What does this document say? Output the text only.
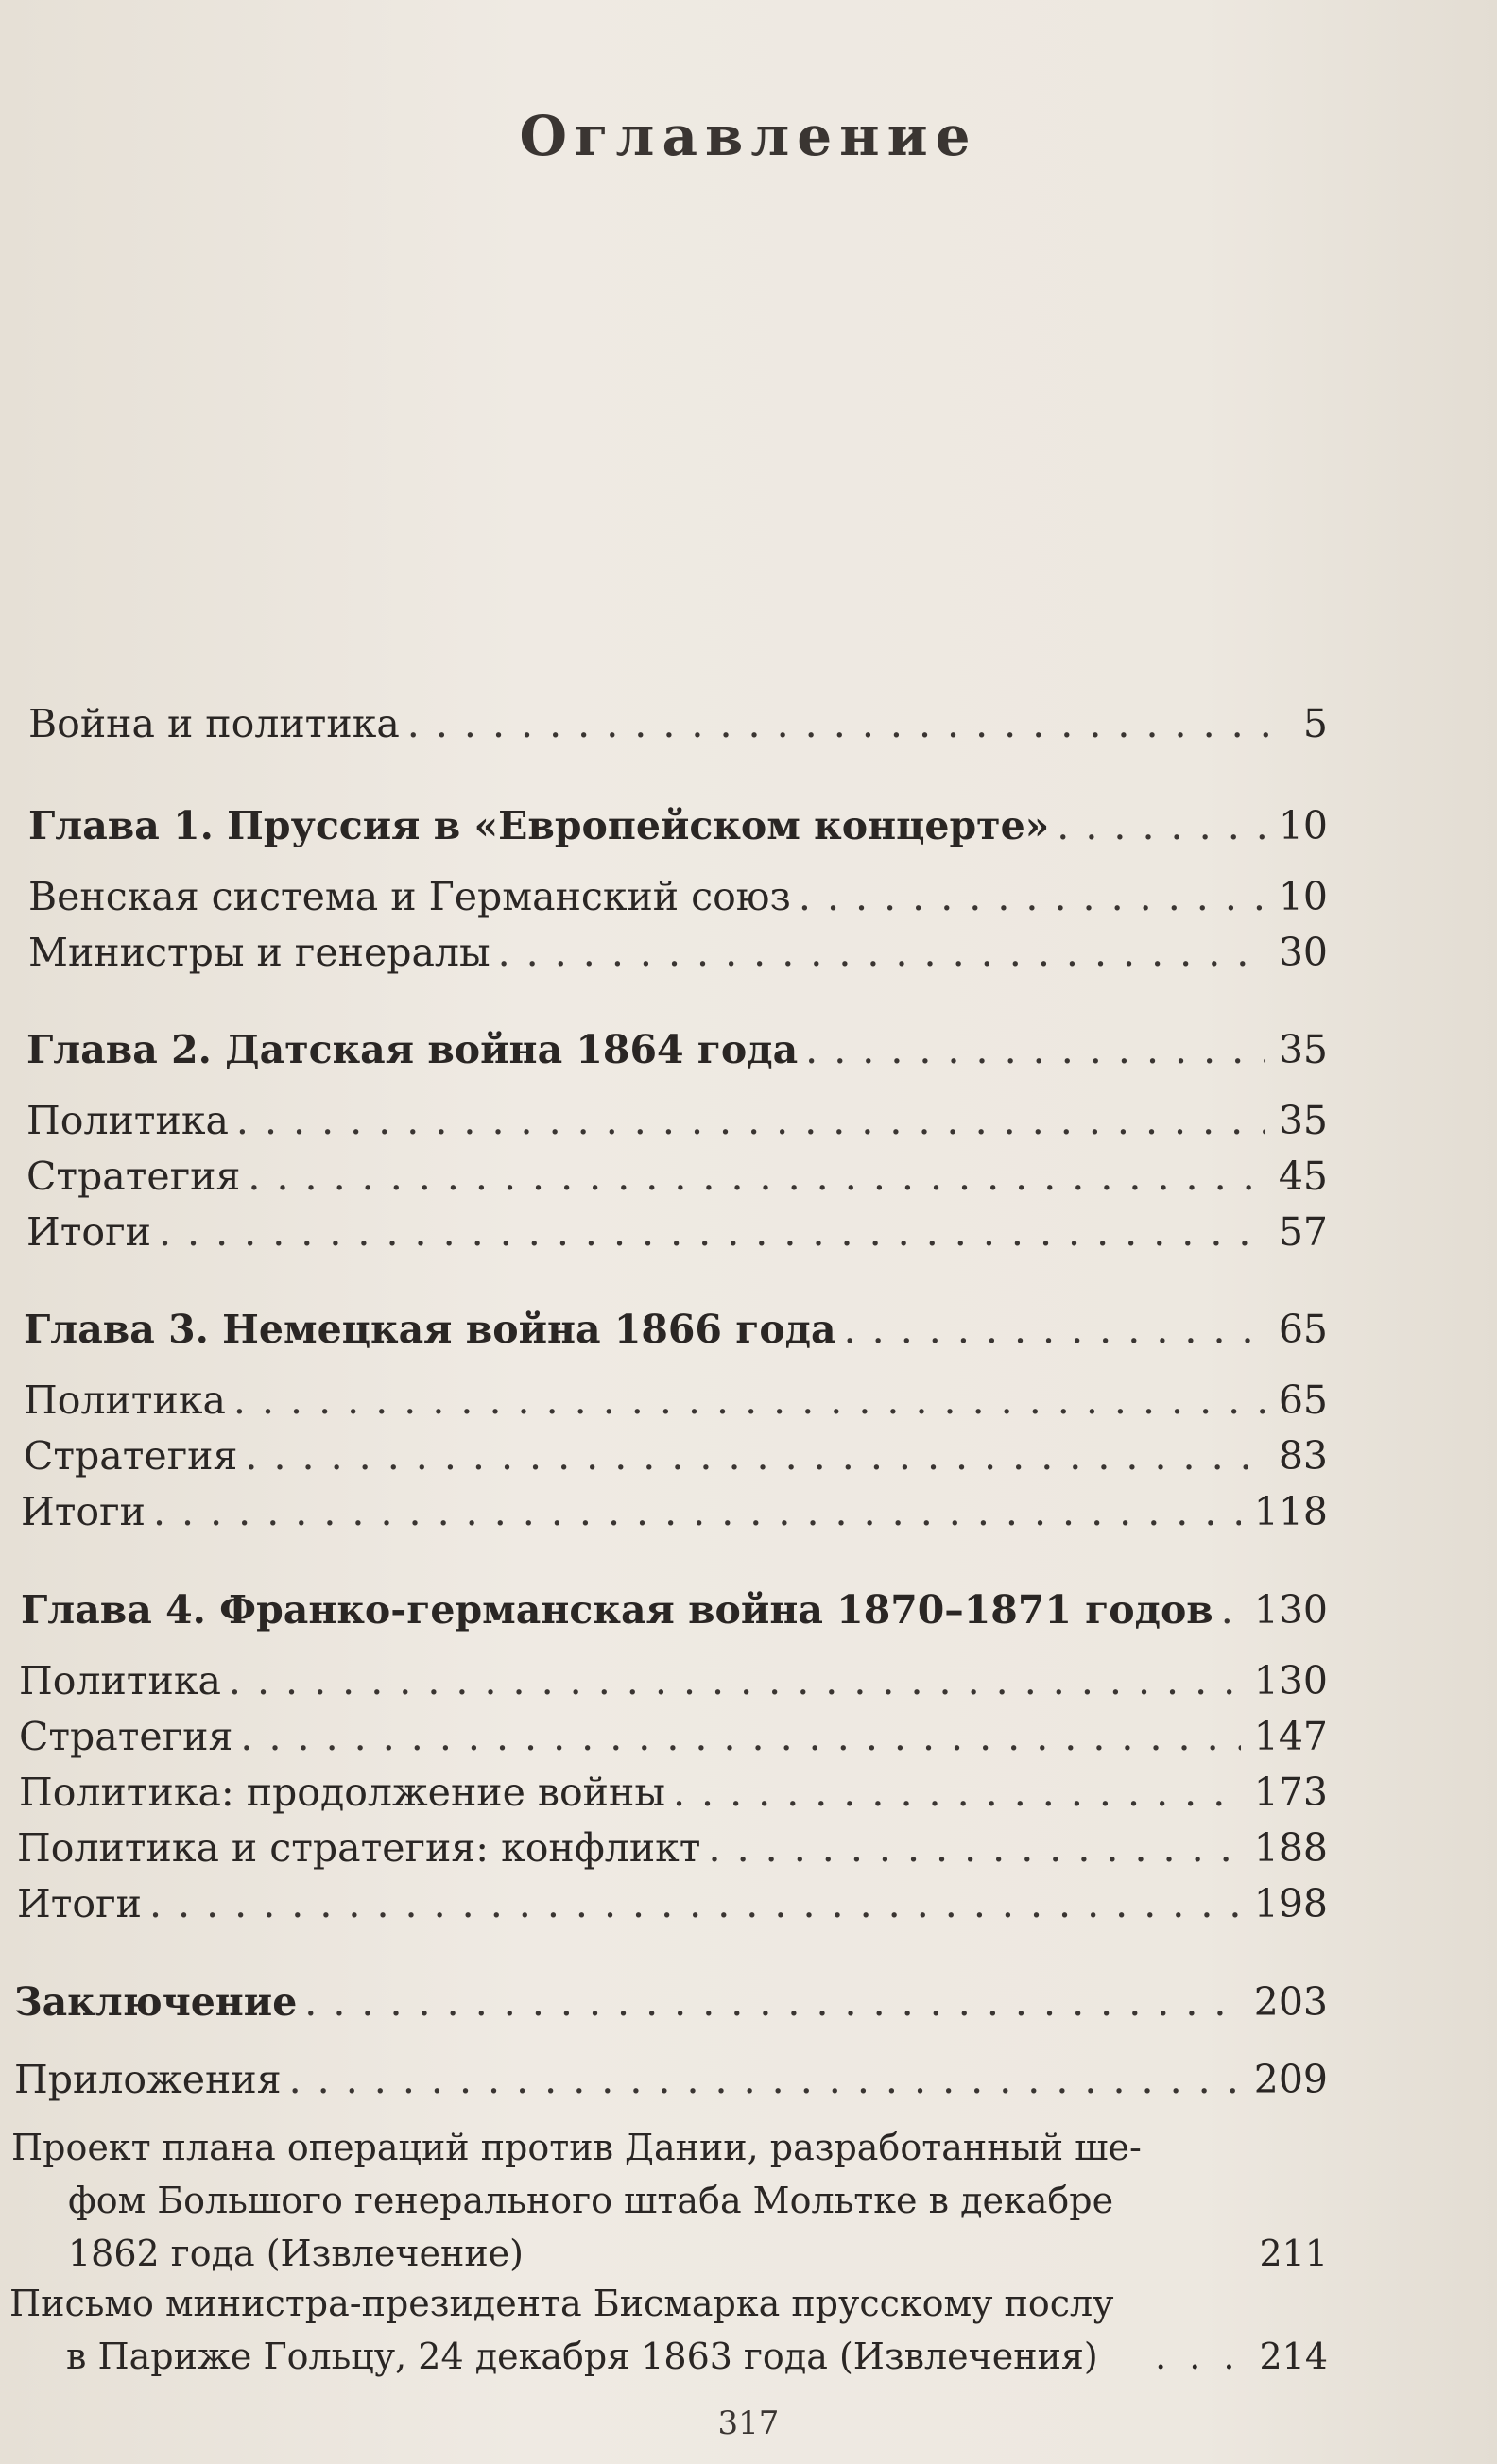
Оглавление
Война и политика . . .	5
Глава 1. Пруссия в «Европейском концерте» . . .	10
Венская система и Германский союз . . .	10
Министры и генералы . . .	30
Глава 2. Датская война 1864 года . . .	35
Политика . . .	35
Стратегия . . .	45
Итоги . . .	57
Глава 3. Немецкая война 1866 года . . .	65
Политика . . .	65
Стратегия . . .	83
Итоги . . .	118
Глава 4. Франко-германская война 1870–1871 годов . . . 130
Политика . . .	130
Стратегия . . .	147
Политика: продолжение войны . . .	173
Политика и стратегия: конфликт . . .	188
Итоги . . .	198
Заключение . . .	203
Приложения . . .	209
Проект плана операций против Дании, разработанный ше-
фом Большого генерального штаба Мольтке в декабре
1862 года (Извлечение)	211
Письмо министра-президента Бисмарка прусскому послу
в Париже Гольцу, 24 декабря 1863 года (Извлечения)	. . . 214
317
